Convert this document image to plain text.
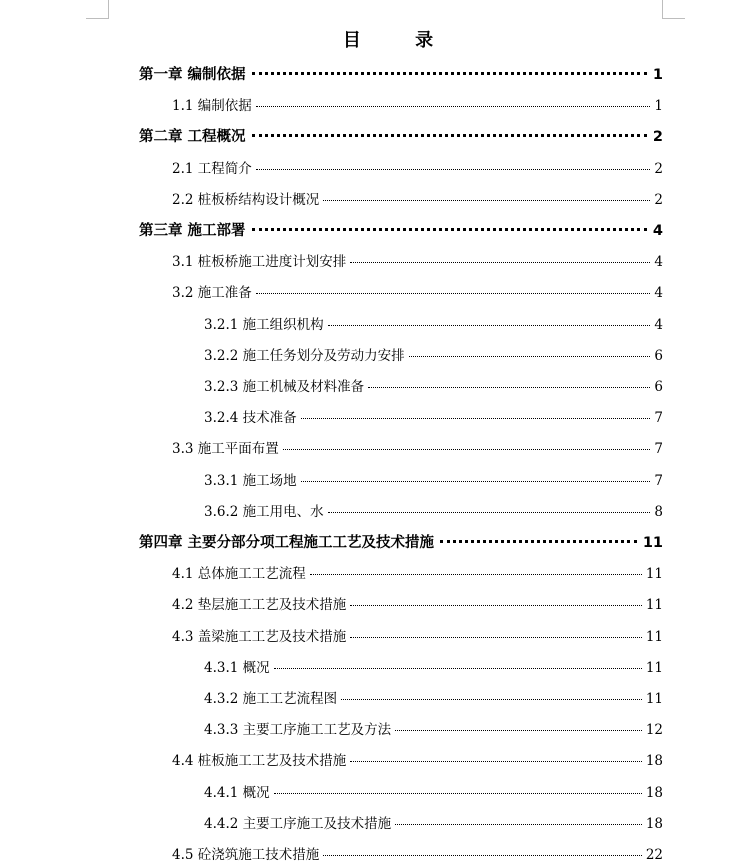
目 录
第一章 编制依据	1
1.1 编制依据	1
第二章 工程概况	2
2.1 工程简介	2
2.2 桩板桥结构设计概况	2
第三章 施工部署	4
3.1 桩板桥施工进度计划安排	4
3.2 施工准备	4
3.2.1 施工组织机构	4
3.2.2 施工任务划分及劳动力安排	6
3.2.3 施工机械及材料准备	6
3.2.4 技术准备	7
3.3 施工平面布置	7
3.3.1 施工场地	7
3.6.2 施工用电、水	8
第四章 主要分部分项工程施工工艺及技术措施	11
4.1 总体施工工艺流程	11
4.2 垫层施工工艺及技术措施	11
4.3 盖梁施工工艺及技术措施	11
4.3.1 概况	11
4.3.2 施工工艺流程图	11
4.3.3 主要工序施工工艺及方法	12
4.4 桩板施工工艺及技术措施	18
4.4.1 概况	18
4.4.2 主要工序施工及技术措施	18
4.5 砼浇筑施工技术措施	22
